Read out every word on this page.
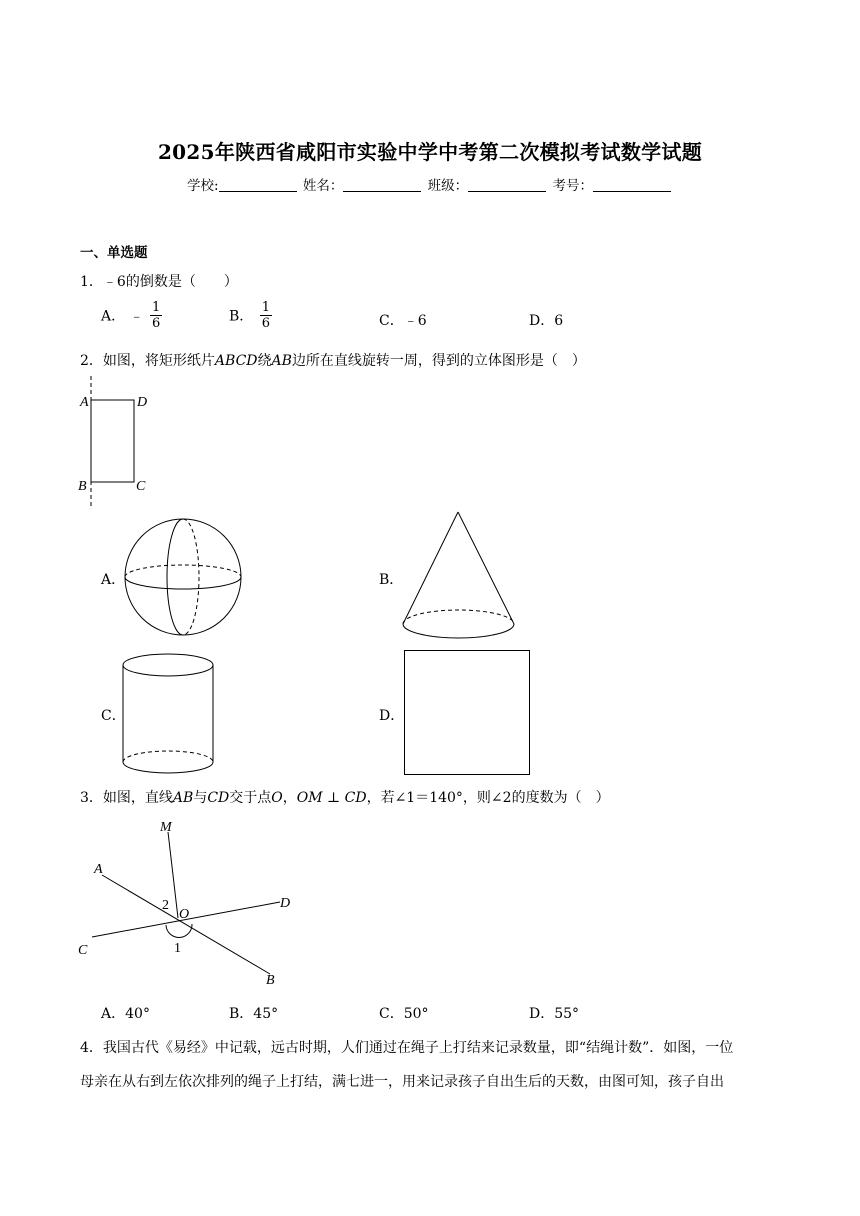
2025年陕西省咸阳市实验中学中考第二次模拟考试数学试题
学校:	姓名：	班级：	考号：
一、单选题
1．﹣6的倒数是（　　）
A． ﹣ $\frac{1}{6}$	B． $\frac{1}{6}$	C．﹣6	D．6
2．如图，将矩形纸片ABCD绕AB边所在直线旋转一周，得到的立体图形是（　）
A	D
B	C
A．	B．
C．	D．
3．如图，直线AB与CD交于点O，OM ⊥ CD，若∠1＝140°，则∠2的度数为（　）
M
A
D
C
B
O
1
2
A．40°	B．45°	C．50°	D．55°
4．我国古代《易经》中记载，远古时期，人们通过在绳子上打结来记录数量，即“结绳计数”．如图，一位
母亲在从右到左依次排列的绳子上打结，满七进一，用来记录孩子自出生后的天数，由图可知，孩子自出
